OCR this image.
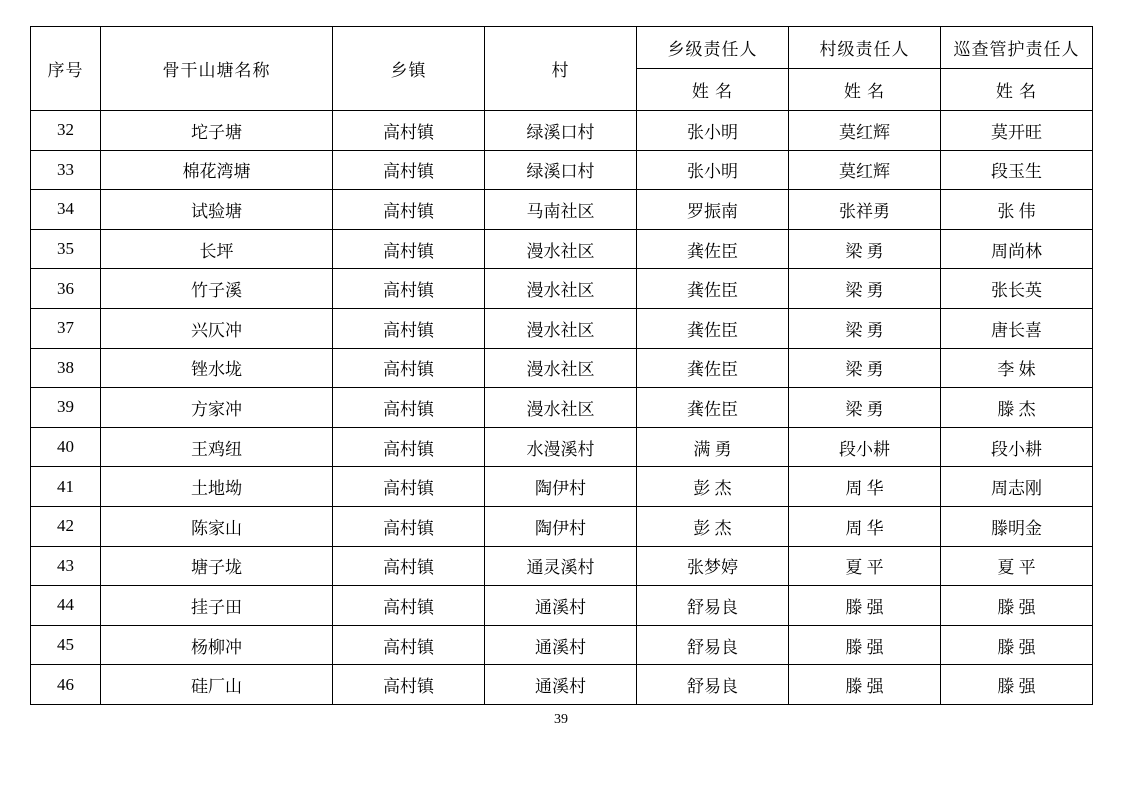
序号	骨干山塘名称	乡镇	村	乡级责任人	村级责任人	巡查管护责任人
				姓 名	姓 名	姓 名
32	坨子塘	高村镇	绿溪口村	张小明	莫红辉	莫开旺
33	棉花湾塘	高村镇	绿溪口村	张小明	莫红辉	段玉生
34	试验塘	高村镇	马南社区	罗振南	张祥勇	张 伟
35	长坪	高村镇	漫水社区	龚佐臣	梁 勇	周尚林
36	竹子溪	高村镇	漫水社区	龚佐臣	梁 勇	张长英
37	兴仄冲	高村镇	漫水社区	龚佐臣	梁 勇	唐长喜
38	锉水垅	高村镇	漫水社区	龚佐臣	梁 勇	李 妹
39	方家冲	高村镇	漫水社区	龚佐臣	梁 勇	滕 杰
40	王鸡纽	高村镇	水漫溪村	满 勇	段小耕	段小耕
41	土地坳	高村镇	陶伊村	彭 杰	周 华	周志刚
42	陈家山	高村镇	陶伊村	彭 杰	周 华	滕明金
43	塘子垅	高村镇	通灵溪村	张梦婷	夏 平	夏 平
44	挂子田	高村镇	通溪村	舒易良	滕 强	滕 强
45	杨柳冲	高村镇	通溪村	舒易良	滕 强	滕 强
46	硅厂山	高村镇	通溪村	舒易良	滕 强	滕 强
39
